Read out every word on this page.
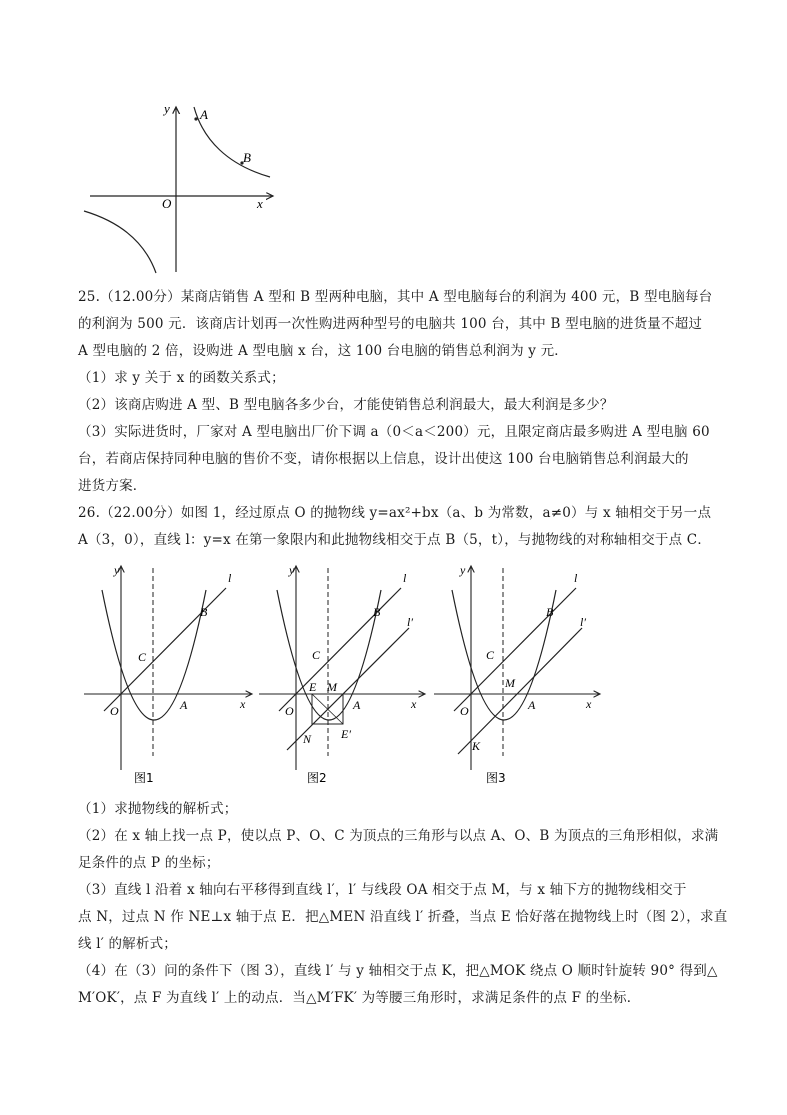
y
x
O
A
B
25.（12.00分）某商店销售 A 型和 B 型两种电脑，其中 A 型电脑每台的利润为 400 元，B 型电脑每台
的利润为 500 元．该商店计划再一次性购进两种型号的电脑共 100 台，其中 B 型电脑的进货量不超过
A 型电脑的 2 倍，设购进 A 型电脑 x 台，这 100 台电脑的销售总利润为 y 元．
（1）求 y 关于 x 的函数关系式；
（2）该商店购进 A 型、B 型电脑各多少台，才能使销售总利润最大，最大利润是多少？
（3）实际进货时，厂家对 A 型电脑出厂价下调 a（0＜a＜200）元，且限定商店最多购进 A 型电脑 60
台，若商店保持同种电脑的售价不变，请你根据以上信息，设计出使这 100 台电脑销售总利润最大的
进货方案．
26.（22.00分）如图 1，经过原点 O 的抛物线 y=ax²+bx（a、b 为常数，a≠0）与 x 轴相交于另一点
A（3，0），直线 l：y=x 在第一象限内和此抛物线相交于点 B（5，t），与抛物线的对称轴相交于点 C．
y
l
B
C
O	A	x
图1
y
l
B
l′
C
M
E
O	A	x
N E′
图2
y
l
B
l′
C
M
O	A	x
K
图3
（1）求抛物线的解析式；
（2）在 x 轴上找一点 P，使以点 P、O、C 为顶点的三角形与以点 A、O、B 为顶点的三角形相似，求满
足条件的点 P 的坐标；
（3）直线 l 沿着 x 轴向右平移得到直线 l′，l′ 与线段 OA 相交于点 M，与 x 轴下方的抛物线相交于
点 N，过点 N 作 NE⊥x 轴于点 E．把△MEN 沿直线 l′ 折叠，当点 E 恰好落在抛物线上时（图 2），求直
线 l′ 的解析式；
（4）在（3）问的条件下（图 3），直线 l′ 与 y 轴相交于点 K，把△MOK 绕点 O 顺时针旋转 90° 得到△
M′OK′，点 F 为直线 l′ 上的动点．当△M′FK′ 为等腰三角形时，求满足条件的点 F 的坐标．
